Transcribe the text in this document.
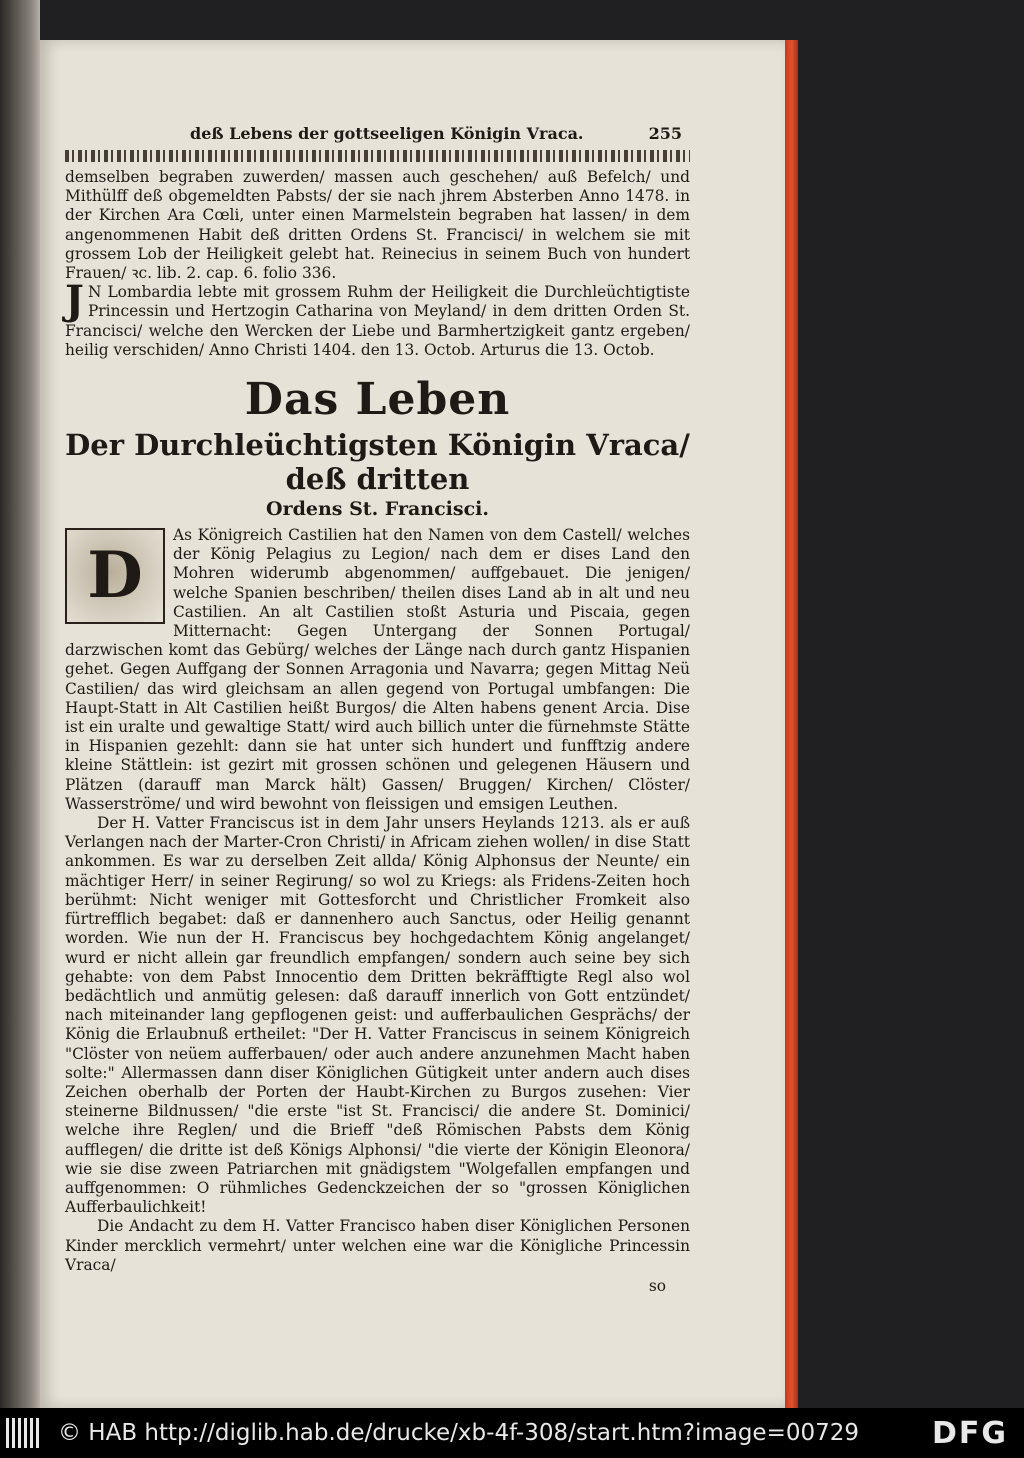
deß Lebens der gottseeligen Königin Vraca.	255

demselben begraben zuwerden/ massen auch geschehen/ auß Befelch/ und Mithülff deß obgemeldten Pabsts/ der sie nach jhrem Absterben Anno 1478. in der Kirchen Ara Cœli, unter einen Marmelstein begraben hat lassen/ in dem angenommenen Habit deß dritten Ordens St. Francisci/ in welchem sie mit grossem Lob der Heiligkeit gelebt hat. Reinecius in seinem Buch von hundert Frauen/ ꝛc. lib. 2. cap. 6. folio 336.

JN Lombardia lebte mit grossem Ruhm der Heiligkeit die Durchleüchtigtiste Princessin und Hertzogin Catharina von Meyland/ in dem dritten Orden St. Francisci/ welche den Wercken der Liebe und Barmhertzigkeit gantz ergeben/ heilig verschiden/ Anno Christi 1404. den 13. Octob. Arturus die 13. Octob.

Das Leben
Der Durchleüchtigsten Königin Vraca/ deß dritten
Ordens St. Francisci.
D

As Königreich Castilien hat den Namen von dem Castell/ welches der König Pelagius zu Legion/ nach dem er dises Land den Mohren widerumb abgenommen/ auffgebauet. Die jenigen/ welche Spanien beschriben/ theilen dises Land ab in alt und neu Castilien. An alt Castilien stoßt Asturia und Piscaia, gegen Mitternacht: Gegen Untergang der Sonnen Portugal/ darzwischen komt das Gebürg/ welches der Länge nach durch gantz Hispanien gehet. Gegen Auffgang der Sonnen Arragonia und Navarra; gegen Mittag Neü Castilien/ das wird gleichsam an allen gegend von Portugal umbfangen: Die Haupt-Statt in Alt Castilien heißt Burgos/ die Alten habens genent Arcia. Dise ist ein uralte und gewaltige Statt/ wird auch billich unter die fürnehmste Stätte in Hispanien gezehlt: dann sie hat unter sich hundert und funfftzig andere kleine Stättlein: ist gezirt mit grossen schönen und gelegenen Häusern und Plätzen (darauff man Marck hält) Gassen/ Bruggen/ Kirchen/ Clöster/ Wasserströme/ und wird bewohnt von fleissigen und emsigen Leuthen.

Der H. Vatter Franciscus ist in dem Jahr unsers Heylands 1213. als er auß Verlangen nach der Marter-Cron Christi/ in Africam ziehen wollen/ in dise Statt ankommen. Es war zu derselben Zeit allda/ König Alphonsus der Neunte/ ein mächtiger Herr/ in seiner Regirung/ so wol zu Kriegs: als Fridens-Zeiten hoch berühmt: Nicht weniger mit Gottesforcht und Christlicher Fromkeit also fürtrefflich begabet: daß er dannenhero auch Sanctus, oder Heilig genannt worden. Wie nun der H. Franciscus bey hochgedachtem König angelanget/ wurd er nicht allein gar freundlich empfangen/ sondern auch seine bey sich gehabte: von dem Pabst Innocentio dem Dritten bekräfftigte Regl also wol bedächtlich und anmütig gelesen: daß darauff innerlich von Gott entzündet/ nach miteinander lang gepflogenen geist: und aufferbaulichen Gesprächs/ der König die Erlaubnuß ertheilet: "Der H. Vatter Franciscus in seinem Königreich "Clöster von neüem aufferbauen/ oder auch andere anzunehmen Macht haben solte:" Allermassen dann diser Königlichen Gütigkeit unter andern auch dises Zeichen oberhalb der Porten der Haubt-Kirchen zu Burgos zusehen: Vier steinerne Bildnussen/ "die erste "ist St. Francisci/ die andere St. Dominici/ welche ihre Reglen/ und die Brieff "deß Römischen Pabsts dem König aufflegen/ die dritte ist deß Königs Alphonsi/ "die vierte der Königin Eleonora/ wie sie dise zween Patriarchen mit gnädigstem "Wolgefallen empfangen und auffgenommen: O rühmliches Gedenckzeichen der so "grossen Königlichen Aufferbaulichkeit!

Die Andacht zu dem H. Vatter Francisco haben diser Königlichen Personen Kinder mercklich vermehrt/ unter welchen eine war die Königliche Princessin Vraca/

so
© HAB http://diglib.hab.de/drucke/xb-4f-308/start.htm?image=00729 DFG
